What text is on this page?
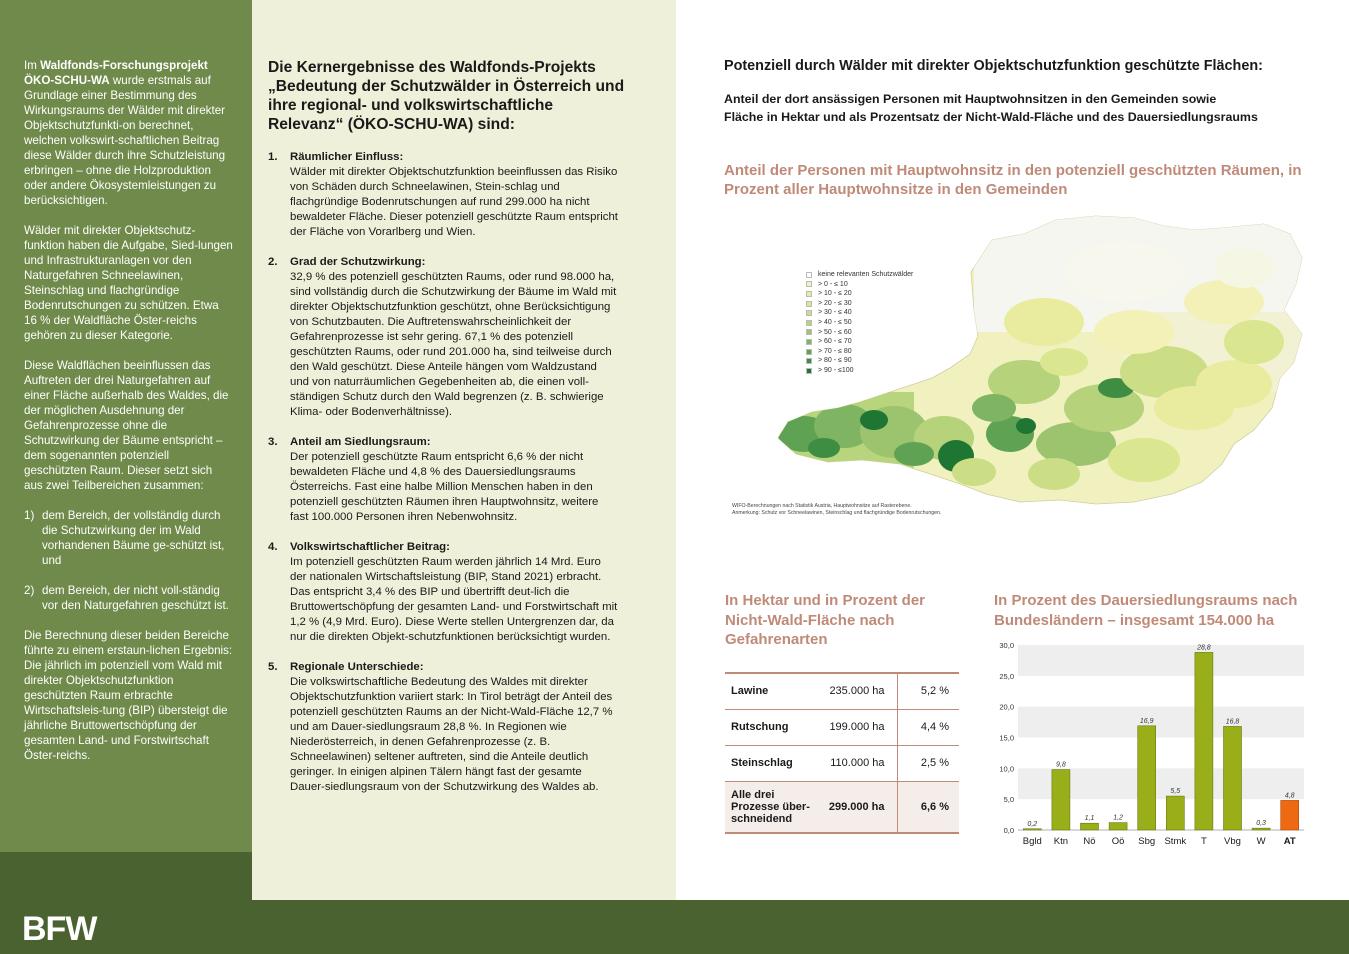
Im Waldfonds-Forschungsprojekt ÖKO-SCHU-WA wurde erstmals auf Grundlage einer Bestimmung des Wirkungsraums der Wälder mit direkter Objektschutzfunkti-on berechnet, welchen volkswirt-schaftlichen Beitrag diese Wälder durch ihre Schutzleistung erbringen – ohne die Holzproduktion oder andere Ökosystemleistungen zu berücksichtigen.

Wälder mit direkter Objektschutz-funktion haben die Aufgabe, Sied-lungen und Infrastrukturanlagen vor den Naturgefahren Schneelawinen, Steinschlag und flachgründige Bodenrutschungen zu schützen. Etwa 16 % der Waldfläche Öster-reichs gehören zu dieser Kategorie.

Diese Waldflächen beeinflussen das Auftreten der drei Naturgefahren auf einer Fläche außerhalb des Waldes, die der möglichen Ausdehnung der Gefahrenprozesse ohne die Schutzwirkung der Bäume entspricht – dem sogenannten potenziell geschützten Raum. Dieser setzt sich aus zwei Teilbereichen zusammen:

1) dem Bereich, der vollständig durch die Schutzwirkung der im Wald vorhandenen Bäume ge-schützt ist, und
2) dem Bereich, der nicht voll-ständig vor den Naturgefahren geschützt ist.

Die Berechnung dieser beiden Bereiche führte zu einem erstaun-lichen Ergebnis: Die jährlich im potenziell vom Wald mit direkter Objektschutzfunktion geschützten Raum erbrachte Wirtschaftsleis-tung (BIP) übersteigt die jährliche Bruttowertschöpfung der gesamten Land- und Forstwirtschaft Öster-reichs.

BFW
Die Kernergebnisse des Waldfonds-Projekts „Bedeutung der Schutzwälder in Österreich und ihre regional- und volkswirtschaftliche Relevanz“ (ÖKO-SCHU-WA) sind:
1.	Räumlicher Einfluss:
Wälder mit direkter Objektschutzfunktion beeinflussen das Risiko von Schäden durch Schneelawinen, Stein-schlag und flachgründige Bodenrutschungen auf rund 299.000 ha nicht bewaldeter Fläche. Dieser potenziell geschützte Raum entspricht der Fläche von Vorarlberg und Wien.
2.	Grad der Schutzwirkung:
32,9 % des potenziell geschützten Raums, oder rund 98.000 ha, sind vollständig durch die Schutzwirkung der Bäume im Wald mit direkter Objektschutzfunktion geschützt, ohne Berücksichtigung von Schutzbauten. Die Auftretenswahrscheinlichkeit der Gefahrenprozesse ist sehr gering. 67,1 % des potenziell geschützten Raums, oder rund 201.000 ha, sind teilweise durch den Wald geschützt. Diese Anteile hängen vom Waldzustand und von naturräumlichen Gegebenheiten ab, die einen voll-ständigen Schutz durch den Wald begrenzen (z. B. schwierige Klima- oder Bodenverhältnisse).
3.	Anteil am Siedlungsraum:
Der potenziell geschützte Raum entspricht 6,6 % der nicht bewaldeten Fläche und 4,8 % des Dauersiedlungsraums Österreichs. Fast eine halbe Million Menschen haben in den potenziell geschützten Räumen ihren Hauptwohnsitz, weitere fast 100.000 Personen ihren Nebenwohnsitz.
4.	Volkswirtschaftlicher Beitrag:
Im potenziell geschützten Raum werden jährlich 14 Mrd. Euro der nationalen Wirtschaftsleistung (BIP, Stand 2021) erbracht. Das entspricht 3,4 % des BIP und übertrifft deut-lich die Bruttowertschöpfung der gesamten Land- und Forstwirtschaft mit 1,2 % (4,9 Mrd. Euro). Diese Werte stellen Untergrenzen dar, da nur die direkten Objekt-schutzfunktionen berücksichtigt wurden.
5.	Regionale Unterschiede:
Die volkswirtschaftliche Bedeutung des Waldes mit direkter Objektschutzfunktion variiert stark: In Tirol beträgt der Anteil des potenziell geschützten Raums an der Nicht-Wald-Fläche 12,7 % und am Dauer-siedlungsraum 28,8 %. In Regionen wie Niederösterreich, in denen Gefahrenprozesse (z. B. Schneelawinen) seltener auftreten, sind die Anteile deutlich geringer. In einigen alpinen Tälern hängt fast der gesamte Dauer-siedlungsraum von der Schutzwirkung des Waldes ab.
Potenziell durch Wälder mit direkter Objektschutzfunktion geschützte Flächen:
Anteil der dort ansässigen Personen mit Hauptwohnsitzen in den Gemeinden sowie
Fläche in Hektar und als Prozentsatz der Nicht-Wald-Fläche und des Dauersiedlungsraums
Anteil der Personen mit Hauptwohnsitz in den potenziell geschützten Räumen, in Prozent aller Hauptwohnsitze in den Gemeinden
keine relevanten Schutzwälder
> 0 - ≤ 10
> 10 - ≤ 20
> 20 - ≤ 30
> 30 - ≤ 40
> 40 - ≤ 50
> 50 - ≤ 60
> 60 - ≤ 70
> 70 - ≤ 80
> 80 - ≤ 90
> 90 - ≤100
WIFO-Berechnungen nach Statistik Austria, Hauptwohnsitze auf Rasterebene.
Anmerkung: Schutz vor Schneelawinen, Steinschlag und flachgründige Bodenrutschungen.
In Hektar und in Prozent der Nicht-Wald-Fläche nach Gefahrenarten
Lawine	235.000 ha	5,2 %
Rutschung	199.000 ha	4,4 %
Steinschlag	110.000 ha	2,5 %
Alle drei Prozesse über-schneidend	299.000 ha	6,6 %
In Prozent des Dauersiedlungsraums nach Bundesländern – insgesamt 154.000 ha
0,0
5,0
10,0
15,0
20,0
25,0
30,0
0,2
Bgld
9,8
Ktn
1,1
Nö
1,2
Oö
16,9
Sbg
5,5
Stmk
28,8
T
16,8
Vbg
0,3
W
4,8
AT
